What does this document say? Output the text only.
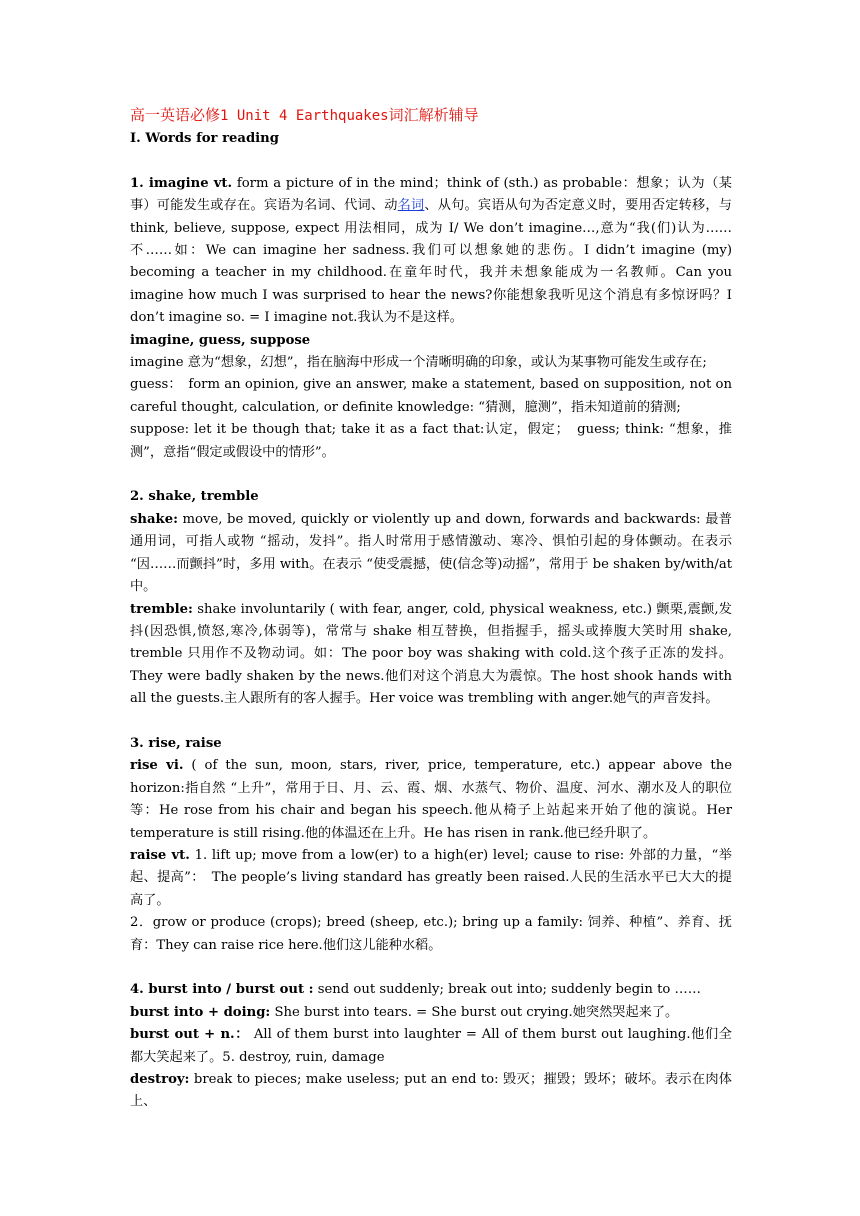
高一英语必修1 Unit 4 Earthquakes词汇解析辅导

I. Words for reading

1. imagine vt. form a picture of in the mind；think of (sth.) as probable：想象；认为（某事）可能发生或存在。宾语为名词、代词、动名词、从句。宾语从句为否定意义时，要用否定转移，与 think, believe, suppose, expect 用法相同，成为 I/ We don’t imagine…,意为“我(们)认为……不……如：We can imagine her sadness.我们可以想象她的悲伤。I didn’t imagine (my) becoming a teacher in my childhood.在童年时代，我并未想象能成为一名教师。Can you imagine how much I was surprised to hear the news?你能想象我听见这个消息有多惊讶吗？I don’t imagine so. = I imagine not.我认为不是这样。

imagine, guess, suppose

imagine 意为“想象，幻想”，指在脑海中形成一个清晰明确的印象，或认为某事物可能发生或存在;

guess：　form an opinion, give an answer, make a statement, based on supposition, not on careful thought, calculation, or definite knowledge: “猜测，臆测”，指未知道前的猜测;

suppose: let it be though that; take it as a fact that:认定，假定；　guess; think: “想象，推测”，意指“假定或假设中的情形”。

2. shake, tremble

shake: move, be moved, quickly or violently up and down, forwards and backwards: 最普通用词，可指人或物 “摇动，发抖”。指人时常用于感情激动、寒冷、惧怕引起的身体颤动。在表示 “因……而颤抖”时，多用 with。在表示 “使受震撼，使(信念等)动摇”，常用于 be shaken by/with/at 中。

tremble: shake involuntarily ( with fear, anger, cold, physical weakness, etc.) 颤栗,震颤,发抖(因恐惧,愤怒,寒冷,体弱等)，常常与 shake 相互替换，但指握手，摇头或捧腹大笑时用 shake, tremble 只用作不及物动词。如：The poor boy was shaking with cold.这个孩子正冻的发抖。They were badly shaken by the news.他们对这个消息大为震惊。The host shook hands with all the guests.主人跟所有的客人握手。Her voice was trembling with anger.她气的声音发抖。

3. rise, raise

rise vi. ( of the sun, moon, stars, river, price, temperature, etc.) appear above the horizon:指自然 “上升”，常用于日、月、云、霞、烟、水蒸气、物价、温度、河水、潮水及人的职位等：He rose from his chair and began his speech.他从椅子上站起来开始了他的演说。Her temperature is still rising.他的体温还在上升。He has risen in rank.他已经升职了。

raise vt. 1. lift up; move from a low(er) to a high(er) level; cause to rise: 外部的力量，“举起、提高”：　The people’s living standard has greatly been raised.人民的生活水平已大大的提高了。

2．grow or produce (crops); breed (sheep, etc.); bring up a family: 饲养、种植”、养育、抚育：They can raise rice here.他们这儿能种水稻。

4. burst into / burst out : send out suddenly; break out into; suddenly begin to ……

burst into + doing: She burst into tears. = She burst out crying.她突然哭起来了。

burst out + n.： All of them burst into laughter = All of them burst out laughing.他们全都大笑起来了。5. destroy, ruin, damage

destroy: break to pieces; make useless; put an end to: 毁灭；摧毁；毁坏；破坏。表示在肉体上、
